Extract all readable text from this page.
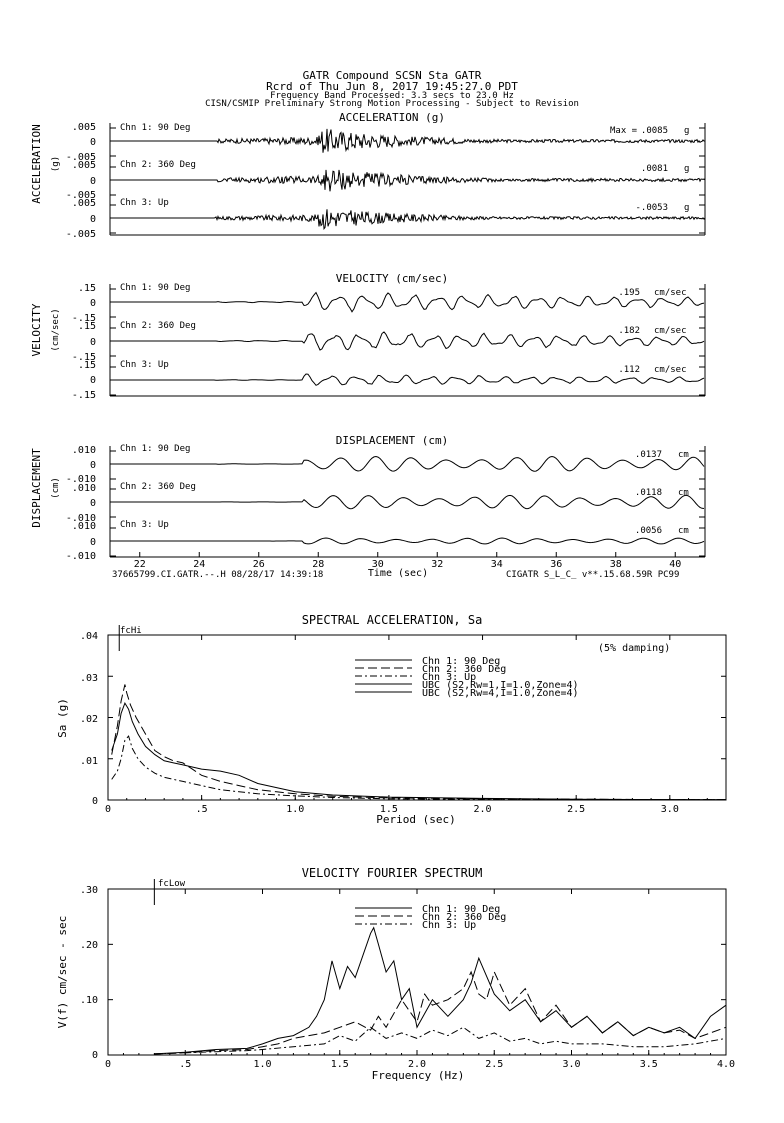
GATR Compound SCSN Sta GATR
Rcrd of Thu Jun 8, 2017 19:45:27.0 PDT
Frequency Band Processed: 3.3 secs to 23.0 Hz
CISN/CSMIP Preliminary Strong Motion Processing - Subject to Revision
ACCELERATION (g)
VELOCITY (cm/sec)
DISPLACEMENT (cm)
ACCELERATION (g)
VELOCITY (cm/sec)
DISPLACEMENT (cm)
.005
0
-.005
.005
0
-.005
.005
0
-.005
.15
0
-.15
.15
0
-.15
.15
0
-.15
.010
0
-.010
.010
0
-.010
.010
0
-.010
Chn 1: 90 Deg
Chn 2: 360 Deg
Chn 3: Up
Chn 1: 90 Deg
Chn 2: 360 Deg
Chn 3: Up
Chn 1: 90 Deg
Chn 2: 360 Deg
Chn 3: Up
Max = .0085 g
.0081 g
-.0053 g
.195 cm/sec
.182 cm/sec
.112 cm/sec
.0137 cm
.0118 cm
.0056 cm
Time (sec)
37665799.CI.GATR.--.H 08/28/17 14:39:18	CIGATR S_L_C_ v**.15.68.59R PC99
SPECTRAL ACCELERATION, Sa
fcHi
(5% damping)
Chn 1: 90 Deg
Chn 2: 360 Deg
Chn 3: Up
UBC (S2,Rw=1,I=1.0,Zone=4)
UBC (S2,Rw=4,I=1.0,Zone=4)
Period (sec)
Sa (g)
.04
.03
.02
.01
0
VELOCITY FOURIER SPECTRUM
fcLow
Chn 1: 90 Deg
Chn 2: 360 Deg
Chn 3: Up
Frequency (Hz)
V(f) cm/sec - sec
.30
.20
.10
0
22	24	26	28	30	32	34	36	38	40
0	.5	1.0	1.5	2.0	2.5	3.0
0	.5	1.0	1.5	2.0	2.5	3.0	3.5	4.0
